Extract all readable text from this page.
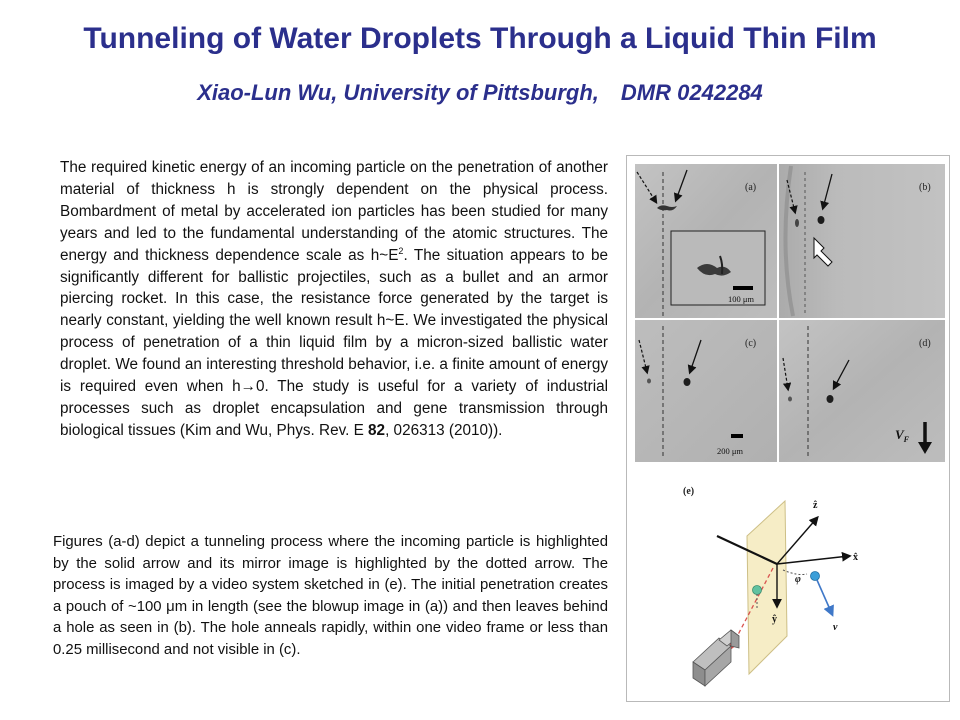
Tunneling of Water Droplets Through a Liquid Thin Film

Xiao-Lun Wu, University of Pittsburgh, DMR 0242284

The required kinetic energy of an incoming particle on the penetration of another material of thickness h is strongly dependent on the physical process. Bombardment of metal by accelerated ion particles has been studied for many years and led to the fundamental understanding of the atomic structures. The energy and thickness dependence scale as $h\sim E^2$. The situation appears to be significantly different for ballistic projectiles, such as a bullet and an armor piercing rocket. In this case, the resistance force generated by the target is nearly constant, yielding the well known result h~E. We investigated the physical process of penetration of a thin liquid film by a micron-sized ballistic water droplet. We found an interesting threshold behavior, i.e. a finite amount of energy is required even when h→0. The study is useful for a variety of industrial processes such as droplet encapsulation and gene transmission through biological tissues (Kim and Wu, Phys. Rev. E 82, 026313 (2010)).

Figures (a-d) depict a tunneling process where the incoming particle is highlighted by the solid arrow and its mirror image is highlighted by the dotted arrow. The process is imaged by a video system sketched in (e). The initial penetration creates a pouch of ~100 μm in length (see the blowup image in (a)) and then leaves behind a hole as seen in (b). The hole anneals rapidly, within one video frame or less than 0.25 millisecond and not visible in (c).

(a)	(b)
(c)	(d)
100 μm
200 μm
$V_F$
(e)
ẑ
x̂
ŷ
φ
v
